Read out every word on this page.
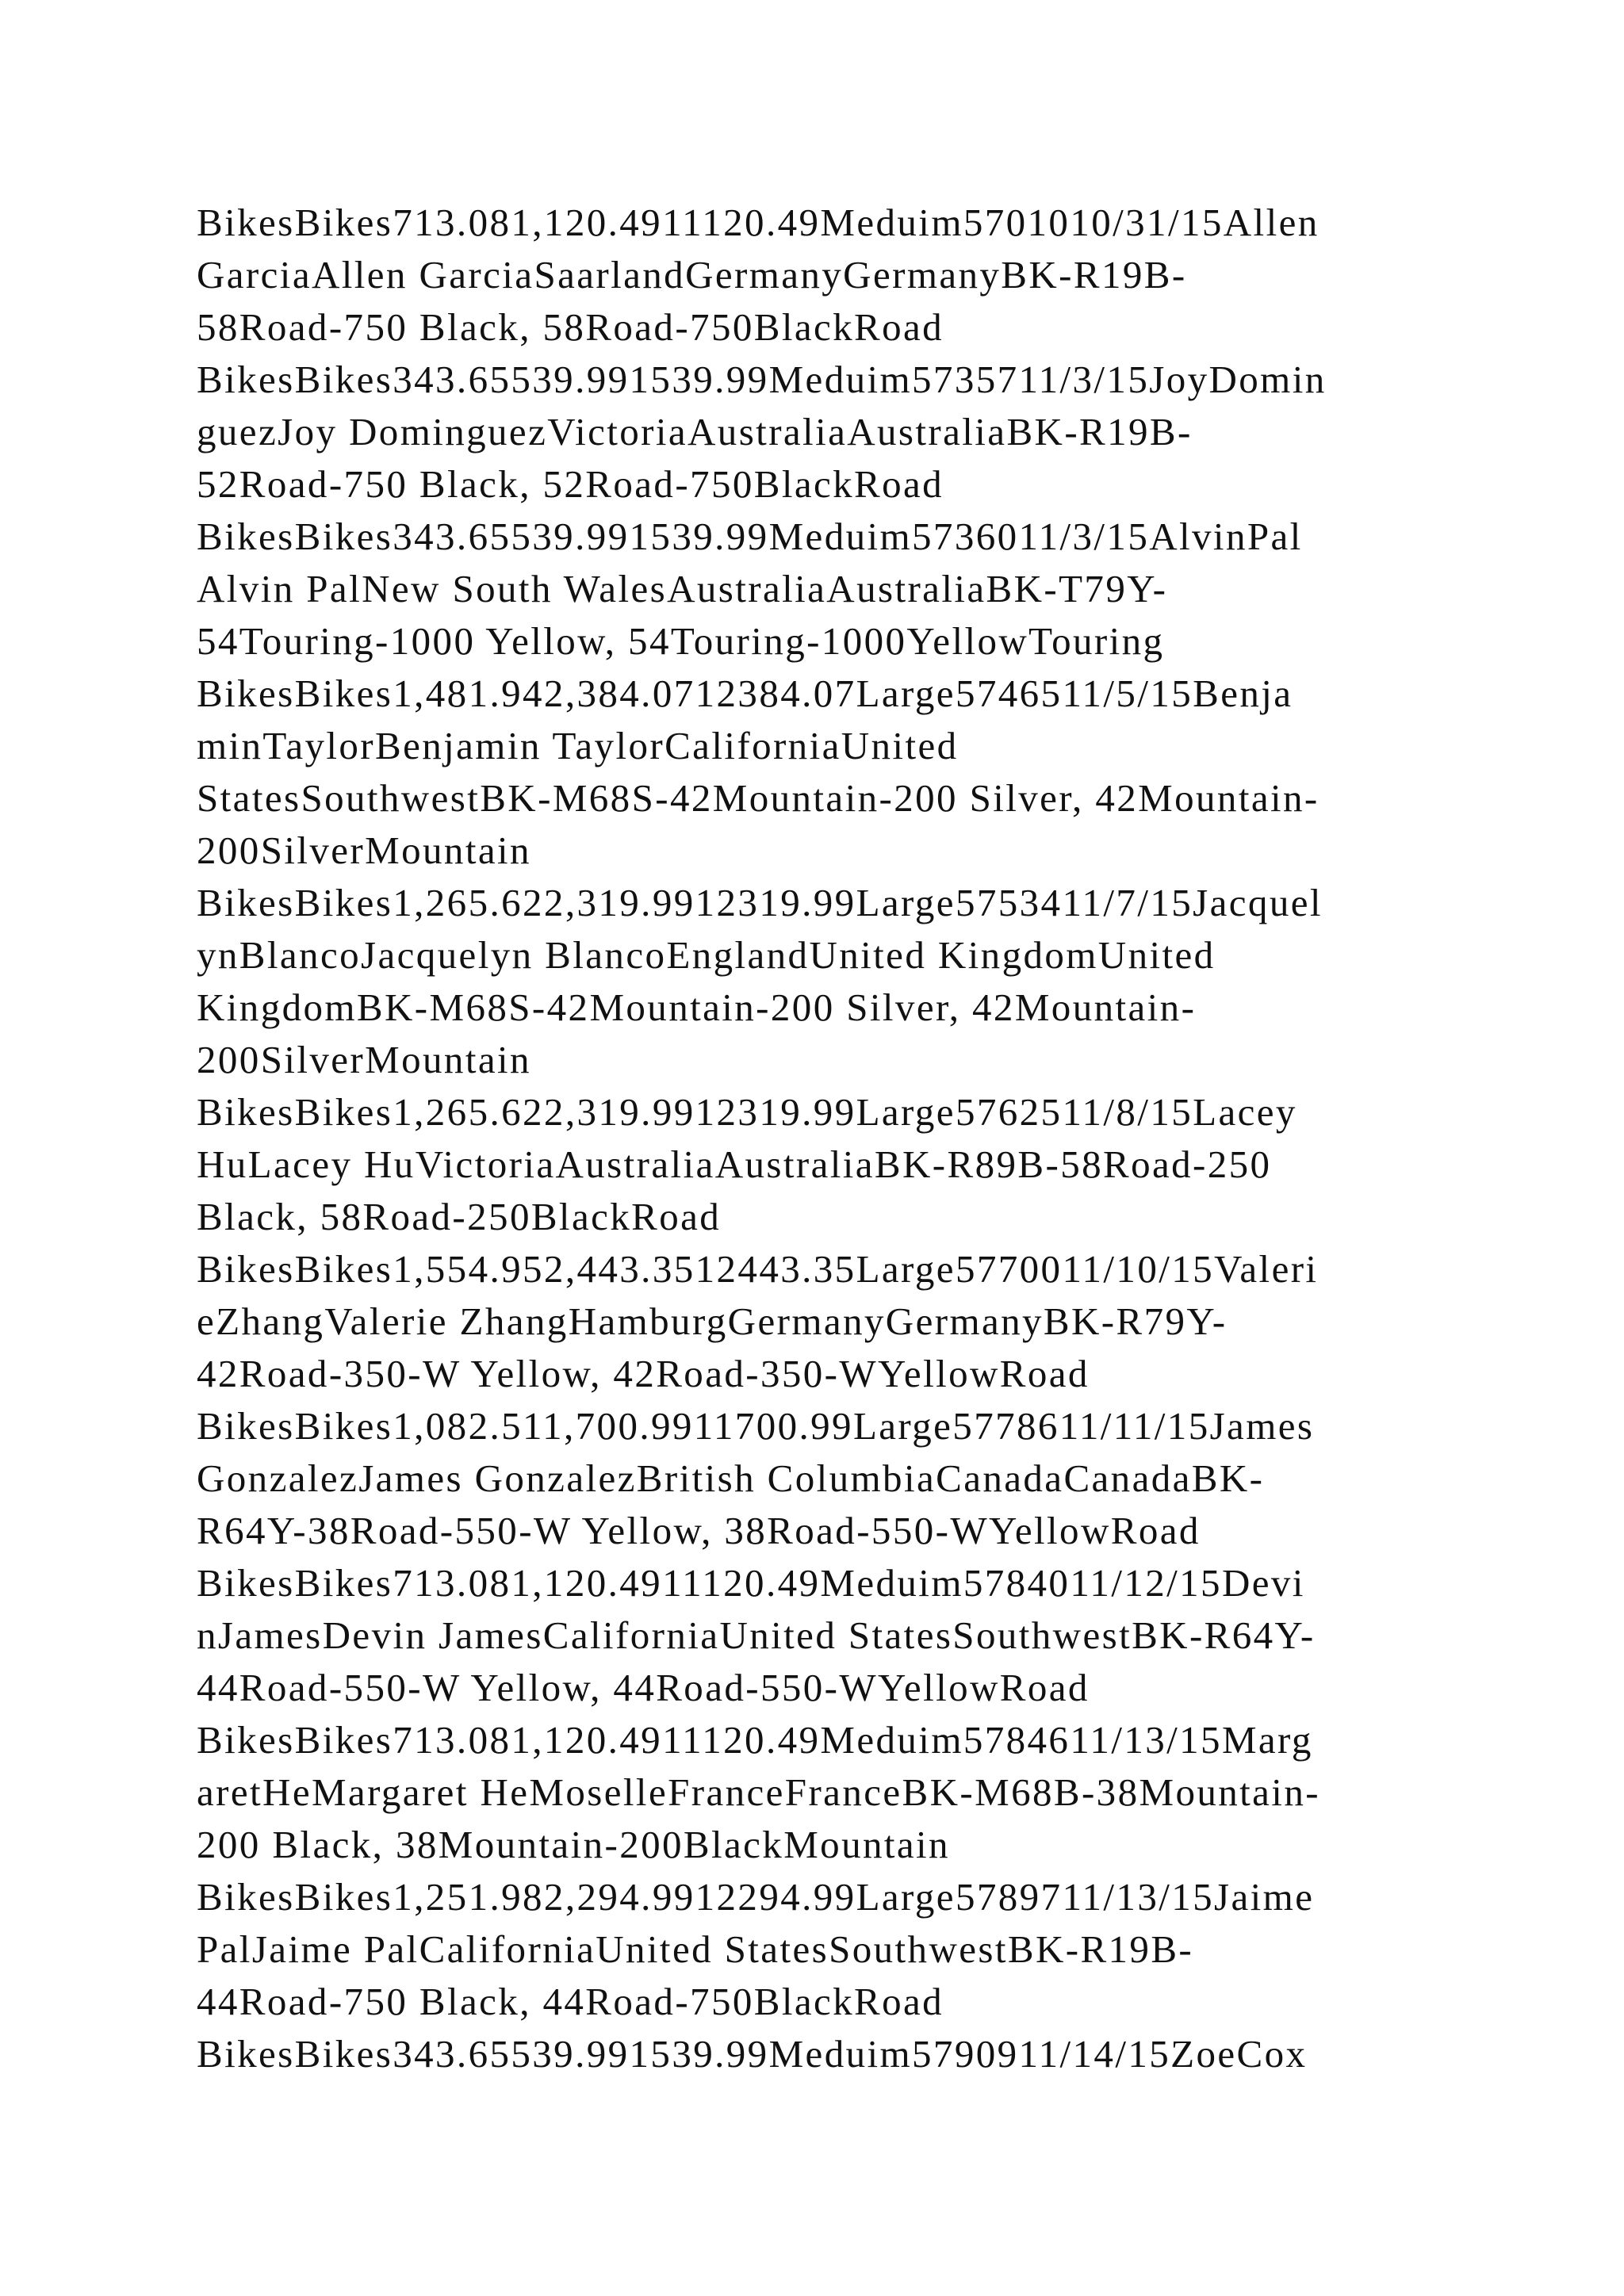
BikesBikes713.081,120.4911120.49Meduim5701010/31/15Allen
GarciaAllen GarciaSaarlandGermanyGermanyBK-R19B-
58Road-750 Black, 58Road-750BlackRoad
BikesBikes343.65539.991539.99Meduim5735711/3/15JoyDomin
guezJoy DominguezVictoriaAustraliaAustraliaBK-R19B-
52Road-750 Black, 52Road-750BlackRoad
BikesBikes343.65539.991539.99Meduim5736011/3/15AlvinPal
Alvin PalNew South WalesAustraliaAustraliaBK-T79Y-
54Touring-1000 Yellow, 54Touring-1000YellowTouring
BikesBikes1,481.942,384.0712384.07Large5746511/5/15Benja
minTaylorBenjamin TaylorCaliforniaUnited
StatesSouthwestBK-M68S-42Mountain-200 Silver, 42Mountain-
200SilverMountain
BikesBikes1,265.622,319.9912319.99Large5753411/7/15Jacquel
ynBlancoJacquelyn BlancoEnglandUnited KingdomUnited
KingdomBK-M68S-42Mountain-200 Silver, 42Mountain-
200SilverMountain
BikesBikes1,265.622,319.9912319.99Large5762511/8/15Lacey
HuLacey HuVictoriaAustraliaAustraliaBK-R89B-58Road-250
Black, 58Road-250BlackRoad
BikesBikes1,554.952,443.3512443.35Large5770011/10/15Valeri
eZhangValerie ZhangHamburgGermanyGermanyBK-R79Y-
42Road-350-W Yellow, 42Road-350-WYellowRoad
BikesBikes1,082.511,700.9911700.99Large5778611/11/15James
GonzalezJames GonzalezBritish ColumbiaCanadaCanadaBK-
R64Y-38Road-550-W Yellow, 38Road-550-WYellowRoad
BikesBikes713.081,120.4911120.49Meduim5784011/12/15Devi
nJamesDevin JamesCaliforniaUnited StatesSouthwestBK-R64Y-
44Road-550-W Yellow, 44Road-550-WYellowRoad
BikesBikes713.081,120.4911120.49Meduim5784611/13/15Marg
aretHeMargaret HeMoselleFranceFranceBK-M68B-38Mountain-
200 Black, 38Mountain-200BlackMountain
BikesBikes1,251.982,294.9912294.99Large5789711/13/15Jaime
PalJaime PalCaliforniaUnited StatesSouthwestBK-R19B-
44Road-750 Black, 44Road-750BlackRoad
BikesBikes343.65539.991539.99Meduim5790911/14/15ZoeCox
